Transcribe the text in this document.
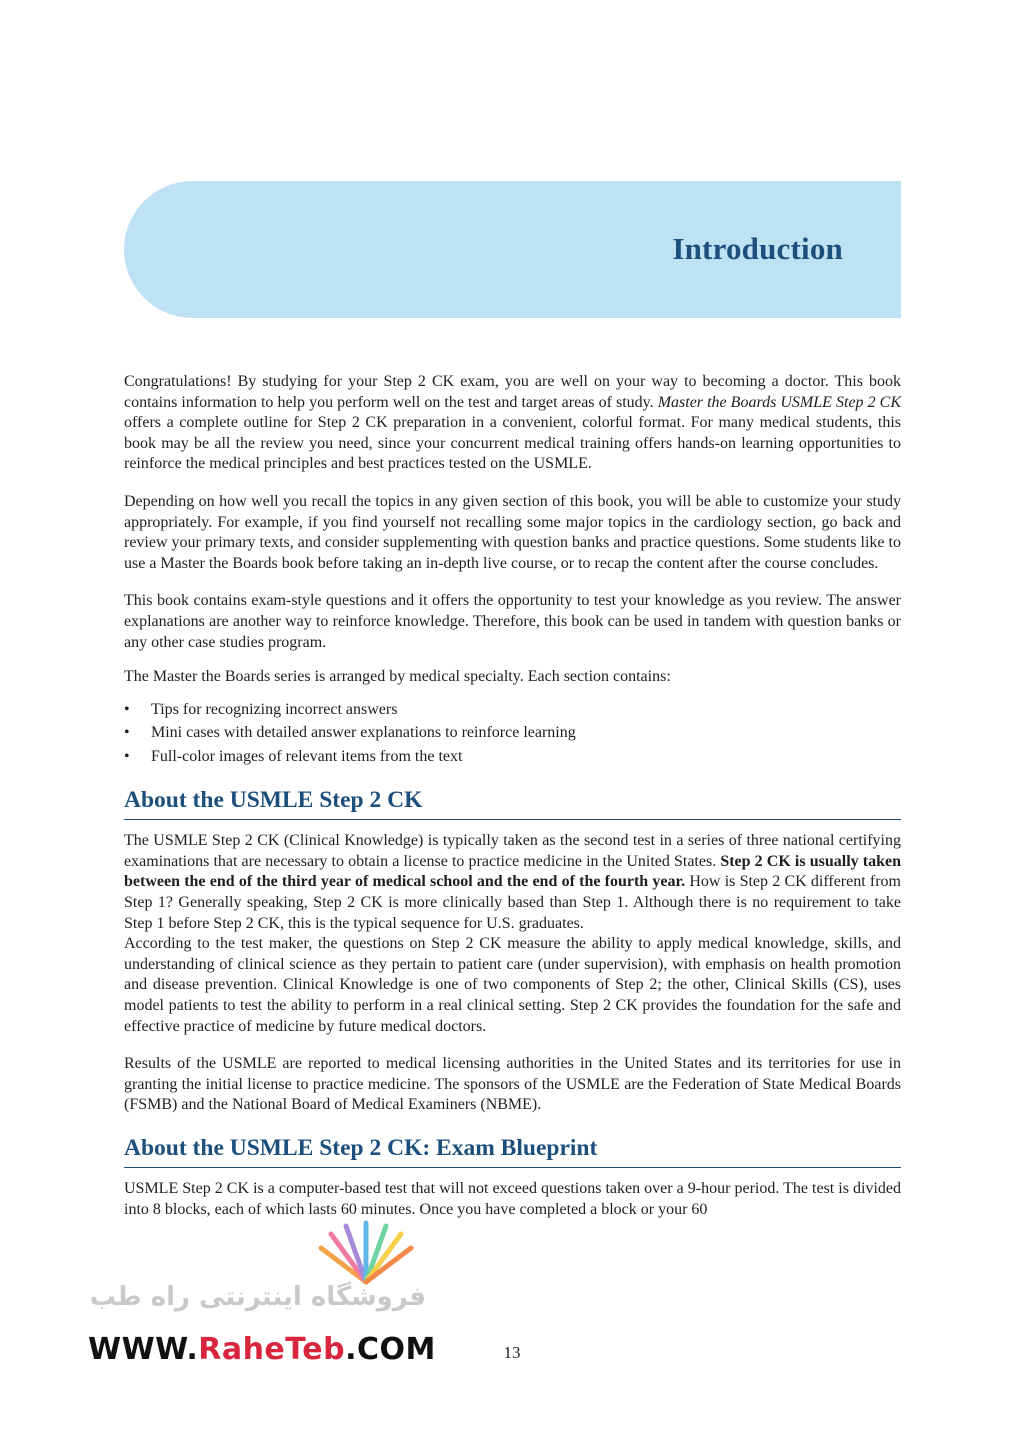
Introduction

Congratulations! By studying for your Step 2 CK exam, you are well on your way to becoming a doctor. This book contains information to help you perform well on the test and target areas of study. Master the Boards USMLE Step 2 CK offers a complete outline for Step 2 CK preparation in a convenient, colorful format. For many medical students, this book may be all the review you need, since your concurrent medical training offers hands-on learning opportunities to reinforce the medical principles and best practices tested on the USMLE.

Depending on how well you recall the topics in any given section of this book, you will be able to customize your study appropriately. For example, if you find yourself not recalling some major topics in the cardiology section, go back and review your primary texts, and consider supplementing with question banks and practice questions. Some students like to use a Master the Boards book before taking an in-depth live course, or to recap the content after the course concludes.

This book contains exam-style questions and it offers the opportunity to test your knowledge as you review. The answer explanations are another way to reinforce knowledge. Therefore, this book can be used in tandem with question banks or any other case studies program.

The Master the Boards series is arranged by medical specialty. Each section contains:

• Tips for recognizing incorrect answers
• Mini cases with detailed answer explanations to reinforce learning
• Full-color images of relevant items from the text
About the USMLE Step 2 CK

The USMLE Step 2 CK (Clinical Knowledge) is typically taken as the second test in a series of three national certifying examinations that are necessary to obtain a license to practice medicine in the United States. Step 2 CK is usually taken between the end of the third year of medical school and the end of the fourth year. How is Step 2 CK different from Step 1? Generally speaking, Step 2 CK is more clinically based than Step 1. Although there is no requirement to take Step 1 before Step 2 CK, this is the typical sequence for U.S. graduates.

According to the test maker, the questions on Step 2 CK measure the ability to apply medical knowledge, skills, and understanding of clinical science as they pertain to patient care (under supervision), with emphasis on health promotion and disease prevention. Clinical Knowledge is one of two components of Step 2; the other, Clinical Skills (CS), uses model patients to test the ability to perform in a real clinical setting. Step 2 CK provides the foundation for the safe and effective practice of medicine by future medical doctors.

Results of the USMLE are reported to medical licensing authorities in the United States and its territories for use in granting the initial license to practice medicine. The sponsors of the USMLE are the Federation of State Medical Boards (FSMB) and the National Board of Medical Examiners (NBME).

About the USMLE Step 2 CK: Exam Blueprint

USMLE Step 2 CK is a computer-based test that will not exceed questions taken over a 9-hour period. The test is divided into 8 blocks, each of which lasts 60 minutes. Once you have completed a block or your 60

13
فروشگاه اینترنتی راه طب
WWW.RaheTeb.COM
